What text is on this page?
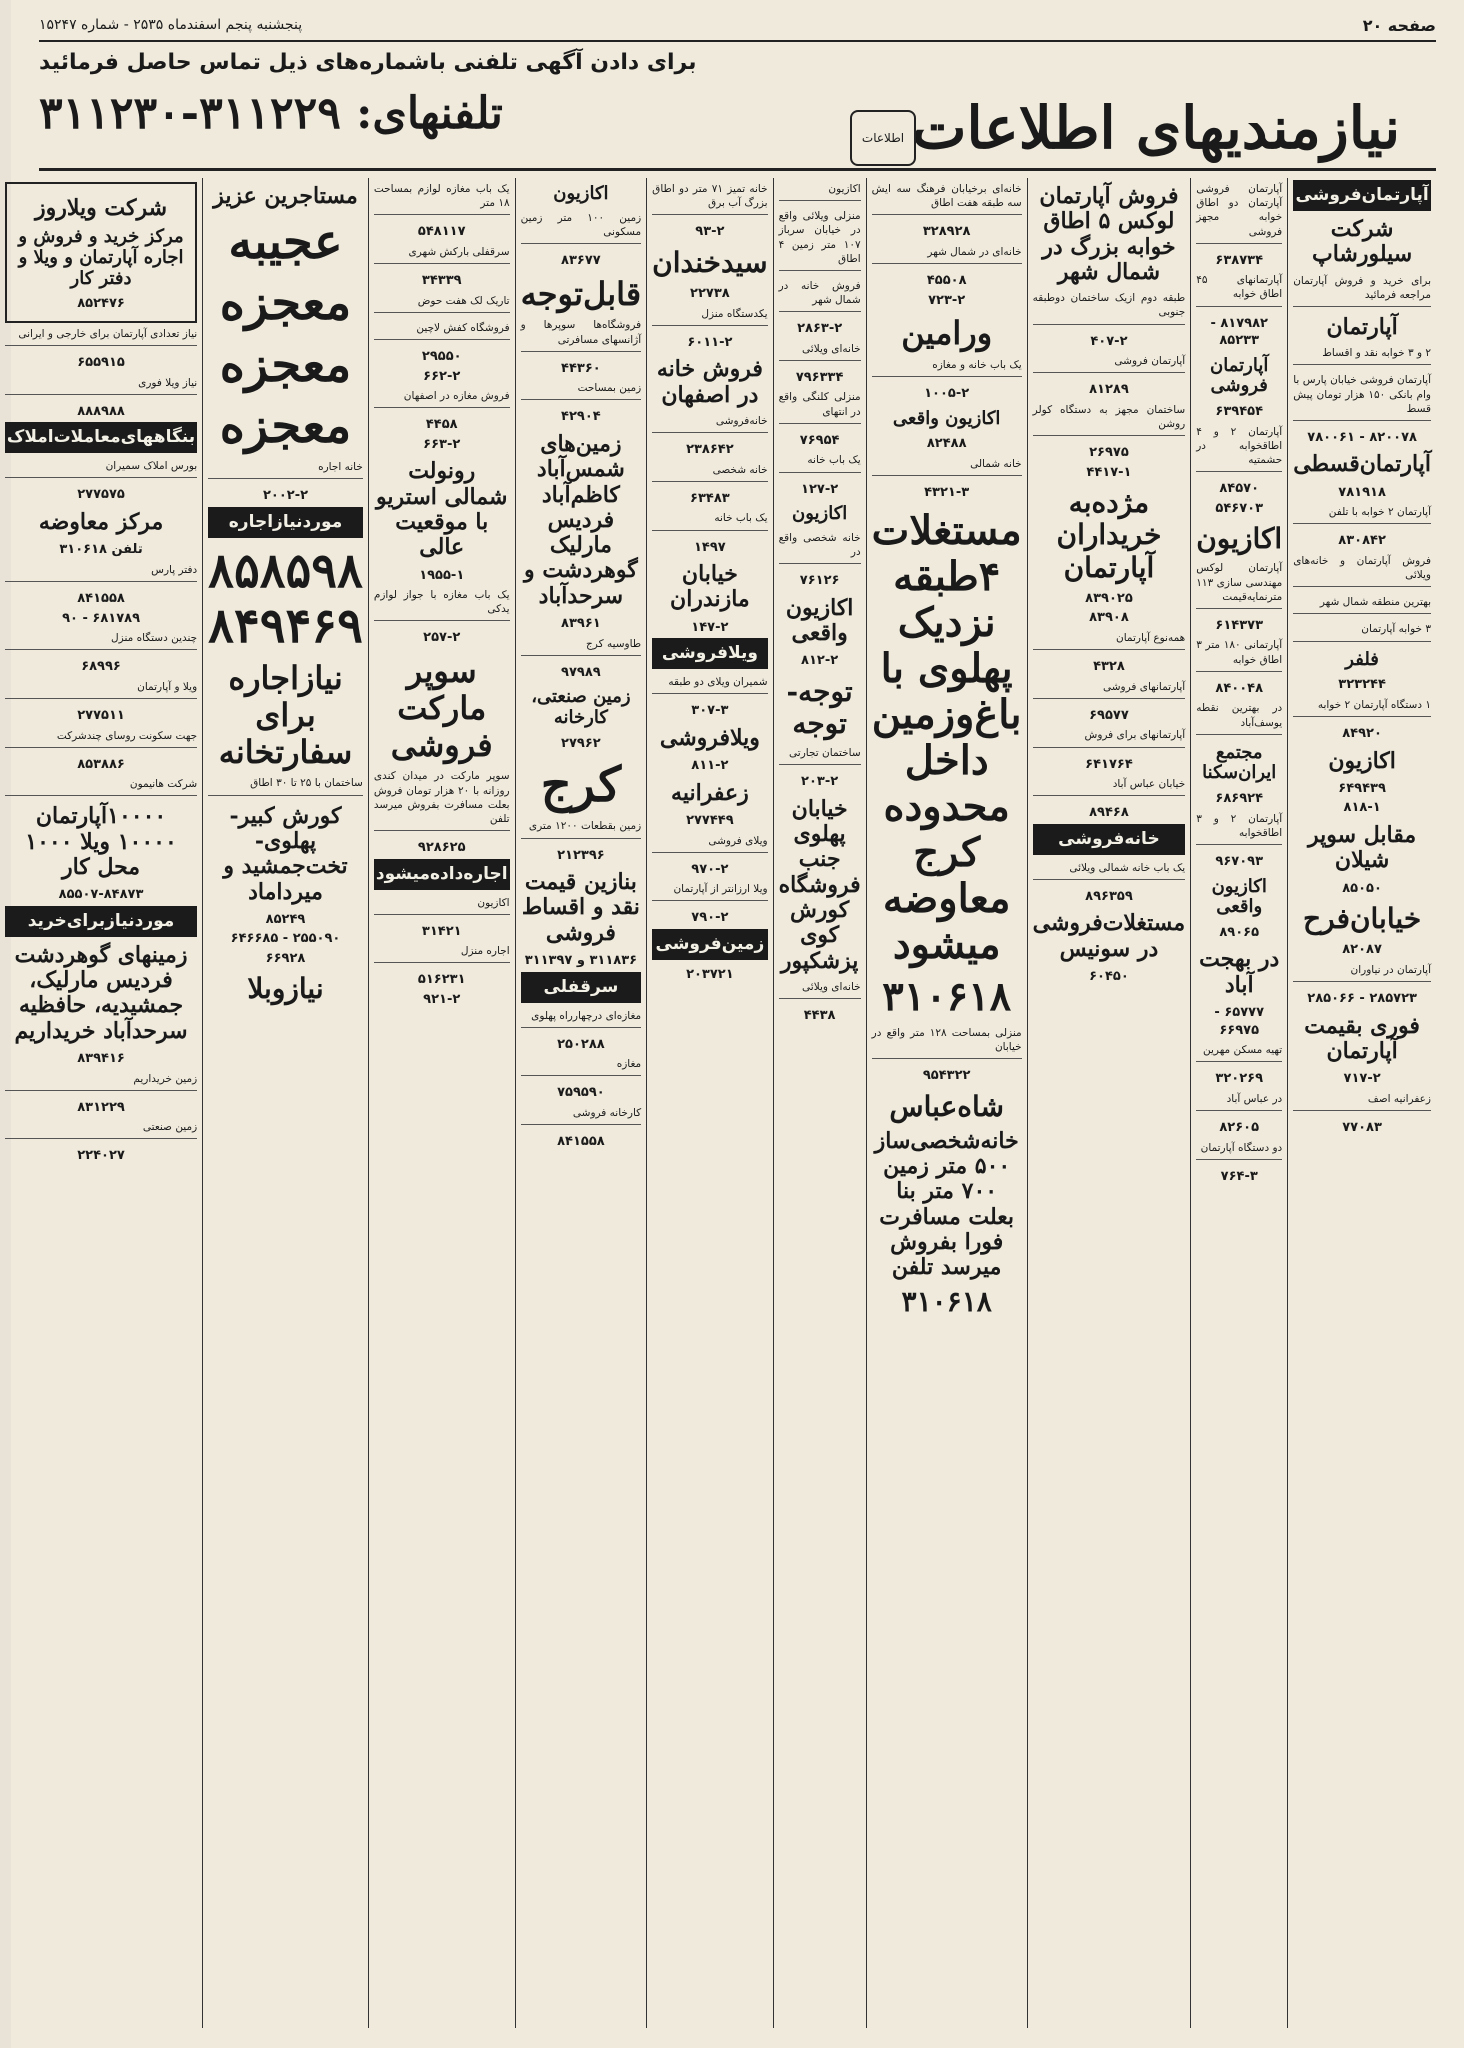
صفحه ۲۰
پنجشنبه پنجم اسفندماه ۲۵۳۵ - شماره ۱۵۲۴۷
نیازمندیهای اطلاعات
اطلاعات
برای دادن آگهی تلفنی باشماره‌های ذیل تماس حاصل فرمائید
تلفنهای: ۳۱۱۲۲۹-۳۱۱۲۳۰
آپارتمان‌فروشی
شرکت سیلورشاپ
برای خرید و فروش آپارتمان مراجعه فرمائید
آپارتمان
۲ و ۳ خوابه نقد و اقساط
آپارتمان فروشی خیابان پارس با وام بانکی ۱۵۰ هزار تومان پیش قسط
۸۲۰۰۷۸ - ۷۸۰۰۶۱
آپارتمان‌قسطی
۷۸۱۹۱۸
آپارتمان ۲ خوابه با تلفن
۸۳۰۸۴۲
فروش آپارتمان و خانه‌های ویلائی
بهترین منطقه شمال شهر
۳ خوابه آپارتمان
فلفر
۳۲۳۲۴۴
۱ دستگاه آپارتمان ۲ خوابه
۸۴۹۲۰
اکازیون
۶۴۹۴۳۹
۸۱۸-۱
مقابل سوپر شیلان
۸۵۰۵۰
خیابان‌فرح
۸۲۰۸۷
آپارتمان در نیاوران
۲۸۵۷۲۳ - ۲۸۵۰۶۶
فوری بقیمت آپارتمان
۷۱۷-۲
زعفرانیه اصف
۷۷۰۸۳
آپارتمان فروشی آپارتمان دو اطاق خوابه مجهز فروشی
۶۳۸۷۳۴
آپارتمانهای ۴۵ اطاق خوابه
۸۱۷۹۸۲ - ۸۵۲۳۳
آپارتمان فروشی
۶۳۹۴۵۴
آپارتمان ۲ و ۴ اطاقخوابه در حشمتیه
۸۴۵۷۰
۵۴۶۷۰۳
اکازیون
آپارتمان لوکس مهندسی سازی ۱۱۳ مترنمایه‌قیمت
۶۱۴۳۷۳
آپارتمانی ۱۸۰ متر ۳ اطاق خوابه
۸۴۰۰۴۸
در بهترین نقطه یوسف‌آباد
مجتمع ایران‌سکنا
۶۸۶۹۲۴
آپارتمان ۲ و ۳ اطاقخوابه
۹۶۷۰۹۳
اکازیون واقعی
۸۹۰۶۵
در بهجت آباد
۶۵۷۷۷ - ۶۶۹۷۵
تهیه مسکن مهرین
۳۲۰۲۶۹
در عباس آباد
۸۲۶۰۵
دو دستگاه آپارتمان
۷۶۴-۳
فروش آپارتمان لوکس ۵ اطاق خوابه بزرگ در شمال شهر
طبقه دوم ازیک ساختمان دوطبقه جنوبی
۴۰۷-۲
آپارتمان فروشی
۸۱۲۸۹
ساختمان مجهز به دستگاه کولر روشن
۲۶۹۷۵
۴۴۱۷-۱
مژده‌به خریداران آپارتمان
۸۳۹۰۲۵
۸۳۹۰۸
همه‌نوع آپارتمان
۴۳۲۸
آپارتمانهای فروشی
۶۹۵۷۷
آپارتمانهای برای فروش
۶۴۱۷۶۴
خیابان عباس آباد
۸۹۴۶۸
خانه‌فروشی
یک باب خانه شمالی ویلائی
۸۹۶۳۵۹
مستغلات‌فروشی در سونیس
۶۰۴۵۰
خانه‌ای برخیابان فرهنگ سه ایش سه طبقه هفت اطاق
۳۲۸۹۲۸
خانه‌ای در شمال شهر
۴۵۵۰۸
۷۲۳-۲
ورامین
یک باب خانه و مغازه
۱۰۰۵-۲
اکازیون واقعی
۸۲۴۸۸
خانه شمالی
۴۳۲۱-۳
مستغلات ۴طبقه نزدیک پهلوی با باغ‌وزمین داخل محدوده کرج معاوضه میشود
۳۱۰۶۱۸
منزلی بمساحت ۱۲۸ متر واقع در خیابان
۹۵۴۳۲۲
شاه‌عباس
خانه‌شخصی‌ساز ۵۰۰ متر زمین ۷۰۰ متر بنا بعلت مسافرت فورا بفروش میرسد تلفن
۳۱۰۶۱۸
اکازیون
منزلی ویلائی واقع در خیابان سرباز ۱۰۷ متر زمین ۴ اطاق
فروش خانه در شمال شهر
۲۸۶۳-۲
خانه‌ای ویلائی
۷۹۶۳۳۴
منزلی کلنگی واقع در انتهای
۷۶۹۵۴
یک باب خانه
۱۲۷-۲
اکازیون
خانه شخصی واقع در
۷۶۱۲۶
اکازیون واقعی
۸۱۲-۲
توجه-توجه
ساختمان تجارتی
۲۰۳-۲
خیابان پهلوی جنب فروشگاه کورش کوی پزشکپور
خانه‌ای ویلائی
۴۴۳۸
خانه تمیز ۷۱ متر دو اطاق بزرگ آب برق
۹۳-۲
سیدخندان
۲۲۷۳۸
یکدستگاه منزل
۶۰۱۱-۲
فروش خانه در اصفهان
خانه‌فروشی
۲۳۸۶۴۲
خانه شخصی
۶۳۴۸۳
یک باب خانه
۱۴۹۷
خیابان مازندران
۱۴۷-۲
ویلافروشی
شمیران ویلای دو طبقه
۳۰۷-۳
ویلافروشی
۸۱۱-۲
زعفرانیه
۲۷۷۴۴۹
ویلای فروشی
۹۷۰-۲
ویلا ارزانتر از آپارتمان
۷۹۰-۲
زمین‌فروشی
۲۰۳۷۲۱
اکازیون
زمین ۱۰۰ متر زمین مسکونی
۸۳۶۷۷
قابل‌توجه
فروشگاه‌ها سوپرها و آژانسهای مسافرتی
۴۴۳۶۰
زمین بمساحت
۴۲۹۰۴
زمین‌های شمس‌آباد کاظم‌آباد فردیس مارلیک گوهردشت و سرحدآباد
۸۳۹۶۱
طاوسیه کرج
۹۷۹۸۹
زمین صنعتی، کارخانه
۲۷۹۶۲
کرج
زمین بقطعات ۱۲۰۰ متری
۲۱۲۳۹۶
بنازین قیمت نقد و اقساط فروشی
۳۱۱۸۳۶ و ۳۱۱۳۹۷
سرقفلی
مغازه‌ای درچهارراه پهلوی
۲۵۰۲۸۸
مغازه
۷۵۹۵۹۰
کارخانه فروشی
۸۴۱۵۵۸
یک باب مغازه لوازم بمساحت ۱۸ متر
۵۴۸۱۱۷
سرقفلی بارکش شهری
۳۴۳۳۹
تاریک لک هفت حوض
فروشگاه کفش لاچین
۲۹۵۵۰
۶۶۲-۲
فروش مغازه در اصفهان
۴۴۵۸
۶۶۳-۲
رونولت شمالی استریو با موقعیت عالی
۱۹۵۵-۱
یک باب مغازه با جواز لوازم یدکی
۲۵۷-۲
سوپر مارکت فروشی
سوپر مارکت در میدان کندی روزانه با ۲۰ هزار تومان فروش بعلت مسافرت بفروش میرسد تلفن
۹۲۸۶۲۵
اجاره‌داده‌میشود
اکازیون
۳۱۴۲۱
اجاره منزل
۵۱۶۲۳۱
۹۲۱-۲
مستاجرین عزیز
عجیبه
معجزه
معجزه
معجزه
خانه اجاره
۲۰۰۲-۲
مورد‌نیاز‌اجاره
۸۵۸۵۹۸ ۸۴۹۴۶۹
نیاز‌اجاره برای سفارتخانه
ساختمان با ۲۵ تا ۳۰ اطاق
کورش کبیر- پهلوی- تخت‌جمشید و میرداماد
۸۵۲۴۹
۲۵۵۰۹۰ - ۶۴۶۶۸۵
۶۶۹۲۸
نیازوبلا
شرکت ویلاروز
مرکز خرید و فروش و اجاره آپارتمان و ویلا و دفتر کار
۸۵۲۴۷۶
نیاز تعدادی آپارتمان برای خارجی و ایرانی
۶۵۵۹۱۵
نیاز ویلا فوری
۸۸۸۹۸۸
بنگاههای‌معاملات‌املاک
بورس املاک سمیران
۲۷۷۵۷۵
مرکز معاوضه
تلفن ۳۱۰۶۱۸
دفتر پارس
۸۴۱۵۵۸
۶۸۱۷۸۹ - ۹۰
چندین دستگاه منزل
۶۸۹۹۶
ویلا و آپارتمان
۲۷۷۵۱۱
جهت سکونت روسای چندشرکت
۸۵۳۸۸۶
شرکت هانیمون
۱۰۰۰۰آپارتمان ۱۰۰۰۰ ویلا ۱۰۰۰ محل کار
۸۵۵۰۷-۸۴۸۷۳
مورد‌نیاز‌برای‌خرید
زمینهای گوهردشت فردیس مارلیک، جمشیدیه، حافظیه سرحدآباد خریداریم
۸۳۹۴۱۶
زمین خریداریم
۸۳۱۲۲۹
زمین صنعتی
۲۲۴۰۲۷
